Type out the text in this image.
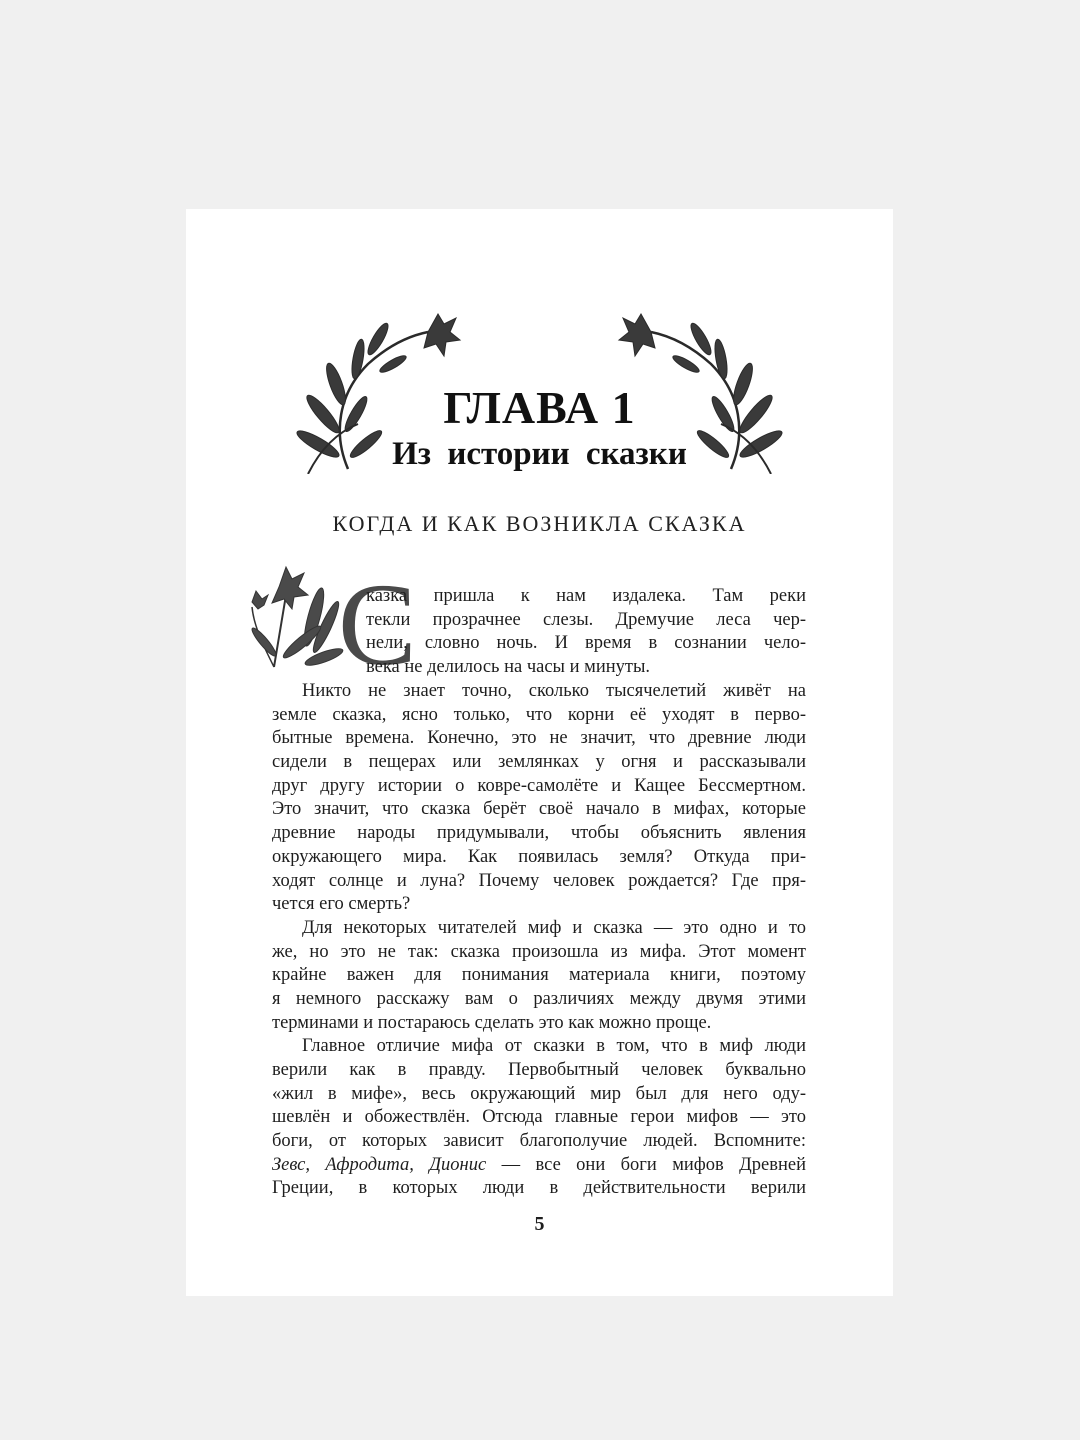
ГЛАВА 1
Из истории сказки
КОГДА И КАК ВОЗНИКЛА СКАЗКА
С
казка пришла к нам издалека. Там реки
текли прозрачнее слезы. Дремучие леса чер-
нели, словно ночь. И время в сознании чело-
века не делилось на часы и минуты.
Никто не знает точно, сколько тысячелетий живёт на
земле сказка, ясно только, что корни её уходят в перво-
бытные времена. Конечно, это не значит, что древние люди
сидели в пещерах или землянках у огня и рассказывали
друг другу истории о ковре-самолёте и Кащее Бессмертном.
Это значит, что сказка берёт своё начало в мифах, которые
древние народы придумывали, чтобы объяснить явления
окружающего мира. Как появилась земля? Откуда при-
ходят солнце и луна? Почему человек рождается? Где пря-
чется его смерть?
Для некоторых читателей миф и сказка — это одно и то
же, но это не так: сказка произошла из мифа. Этот момент
крайне важен для понимания материала книги, поэтому
я немного расскажу вам о различиях между двумя этими
терминами и постараюсь сделать это как можно проще.
Главное отличие мифа от сказки в том, что в миф люди
верили как в правду. Первобытный человек буквально
«жил в мифе», весь окружающий мир был для него оду-
шевлён и обожествлён. Отсюда главные герои мифов — это
боги, от которых зависит благополучие людей. Вспомните:
Зевс, Афродита, Дионис — все они боги мифов Древней
Греции, в которых люди в действительности верили
5
